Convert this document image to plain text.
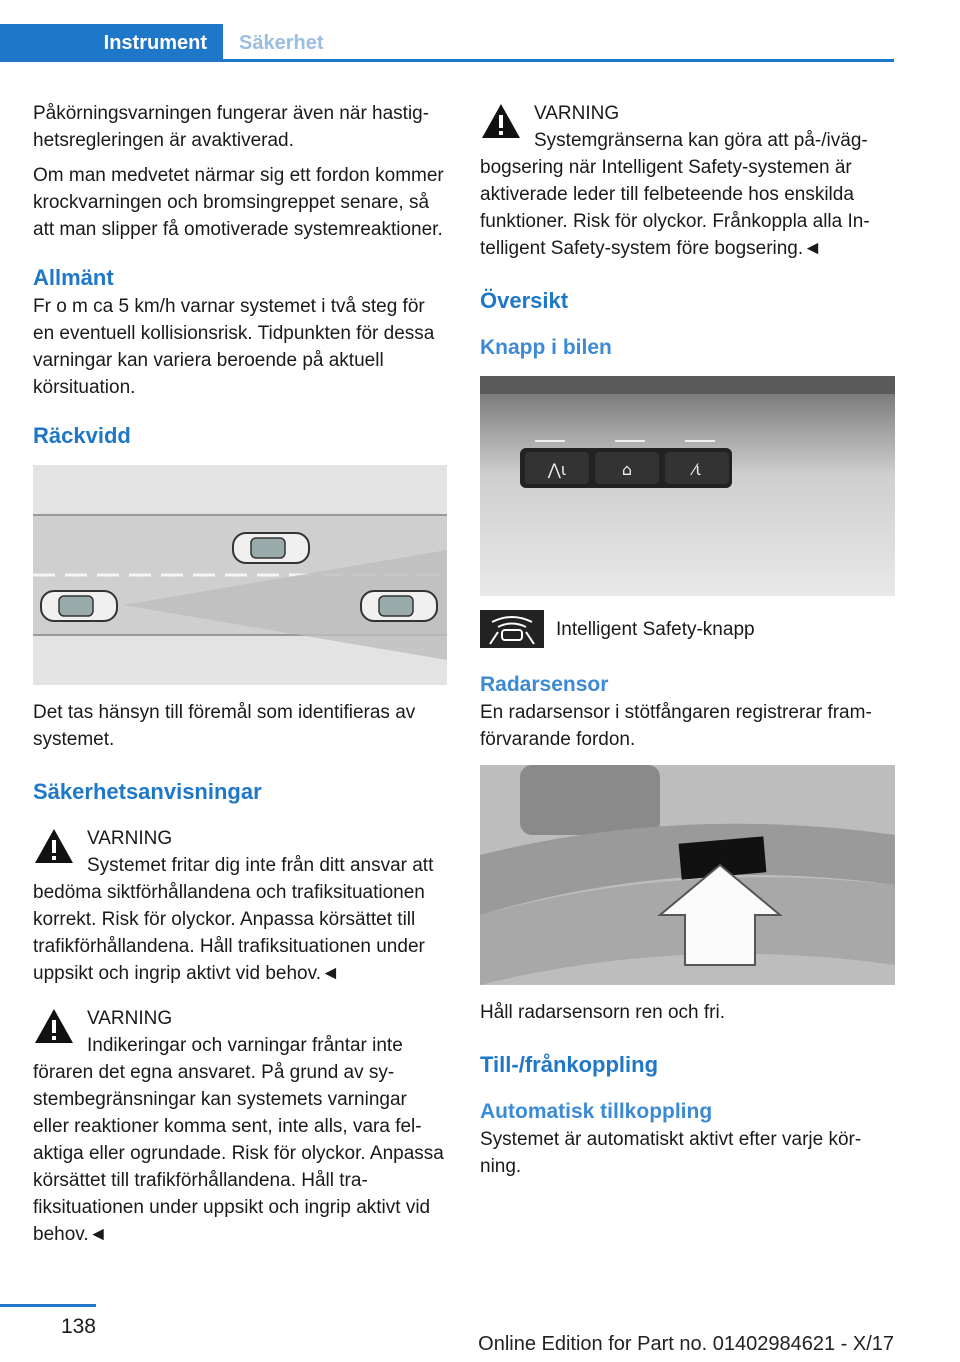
Instrument	Säkerhet

Påkörningsvarningen fungerar även när hastighetsregleringen är avaktiverad.

Om man medvetet närmar sig ett fordon kommer krockvarningen och bromsingreppet senare, så att man slipper få omotiverade systemreaktioner.

Allmänt

Fr o m ca 5 km/h varnar systemet i två steg för en eventuell kollisionsrisk. Tidpunkten för dessa varningar kan variera beroende på aktuell körsituation.

Räckvidd

Det tas hänsyn till föremål som identifieras av systemet.

Säkerhetsanvisningar

VARNING

Systemet fritar dig inte från ditt ansvar att bedöma siktförhållandena och trafiksituationen korrekt. Risk för olyckor. Anpassa körsättet till trafikförhållandena. Håll trafiksituationen under uppsikt och ingrip aktivt vid behov.◄

VARNING

Indikeringar och varningar fråntar inte föraren det egna ansvaret. På grund av systembegränsningar kan systemets varningar eller reaktioner komma sent, inte alls, vara felaktiga eller ogrundade. Risk för olyckor. Anpassa körsättet till trafikförhållandena. Håll trafiksituationen under uppsikt och ingrip aktivt vid behov.◄

VARNING

Systemgränserna kan göra att på-/ivägbogsering när Intelligent Safety-systemen är aktiverade leder till felbeteende hos enskilda funktioner. Risk för olyckor. Frånkoppla alla Intelligent Safety-system före bogsering.◄

Översikt
Knapp i bilen
⋀ι	⌂	⁄ι

Intelligent Safety-knapp

Radarsensor

En radarsensor i stötfångaren registrerar framförvarande fordon.

Håll radarsensorn ren och fri.

Till-/frånkoppling
Automatisk tillkoppling

Systemet är automatiskt aktivt efter varje körning.

138
Online Edition for Part no. 01402984621 - X/17
